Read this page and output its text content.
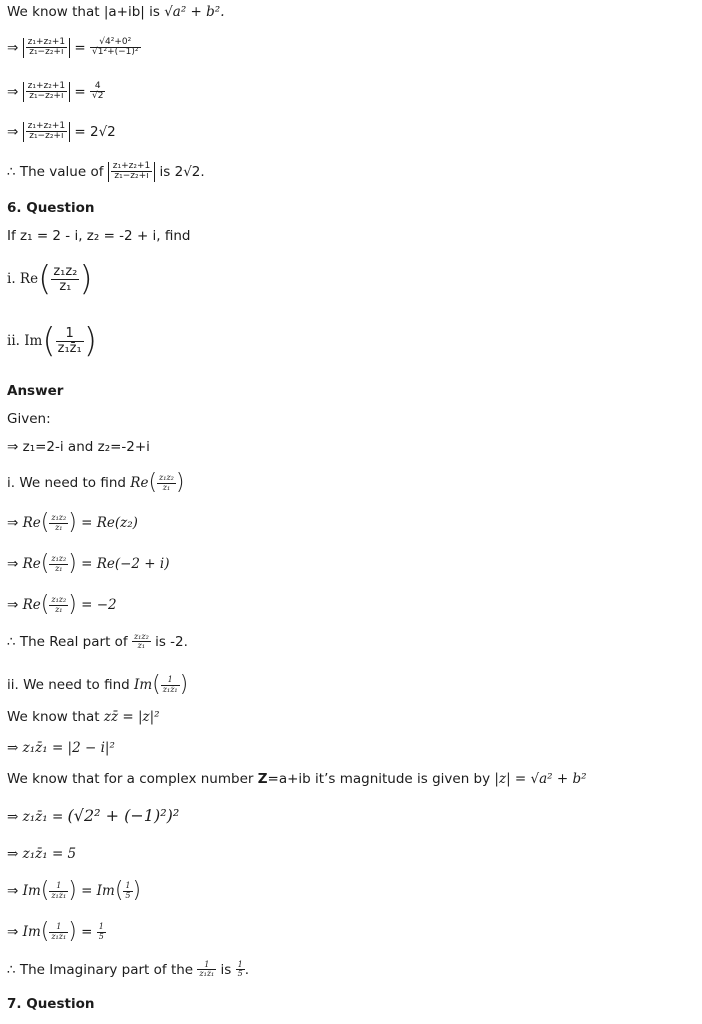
We know that |a+ib| is √a² + b².
⇒ $\frac{\text{z₁+z₂+1}}{\text{z₁−z₂+i}} = \frac{\text{√4²+0²}}{\text{√1²+(−1)²}}$
⇒ $\frac{\text{z₁+z₂+1}}{\text{z₁−z₂+i}} = \frac{4}{√2}$
⇒ $\frac{\text{z₁+z₂+1}}{\text{z₁−z₂+i}} = 2√2$
∴ The value of $\frac{\text{z₁+z₂+1}}{\text{z₁−z₂+i}}$ is 2√2.
6. Question
If z₁ = 2 - i, z₂ = -2 + i, find
i. $Re( \frac{\text{z₁z₂}}{\text{z₁}}$ )
ii. $Im( \frac{1}{\text{z₁z̄₁}}$ )
Answer
Given:
⇒ z₁=2-i and z₂=-2+i
i. We need to find $Re( \frac{\text{z₁z₂}}{\text{z₁}}$ )
⇒ $Re( \frac{\text{z₁z₂}}{\text{z₁}}$ ) = Re(z₂)
⇒ $Re( \frac{\text{z₁z₂}}{\text{z₁}}$ ) = Re(−2 + i)
⇒ $Re( \frac{\text{z₁z₂}}{\text{z₁}}$ ) = −2
∴ The Real part of $\frac{\text{z₁z₂}}{\text{z₁}}$ is -2.
ii. We need to find $Im( \frac{1}{\text{z₁z̄₁}}$ )
We know that zz̄ = |z|²
⇒ z₁z̄₁ = |2 − i|²
We know that for a complex number Z=a+ib it’s magnitude is given by |z| = √a² + b²
⇒ z₁z̄₁ = (√2² + (−1)²)²
⇒ z₁z̄₁ = 5
⇒ $Im( \frac{1}{\text{z₁z̄₁}}$ ) = $Im( \frac{1}{5}$ )
⇒ $Im( \frac{1}{\text{z₁z̄₁}}$ ) = $\frac{1}{5}$
∴ The Imaginary part of the $\frac{1}{\text{z₁z̄₁}}$ is $\frac{1}{5}$ .
7. Question
